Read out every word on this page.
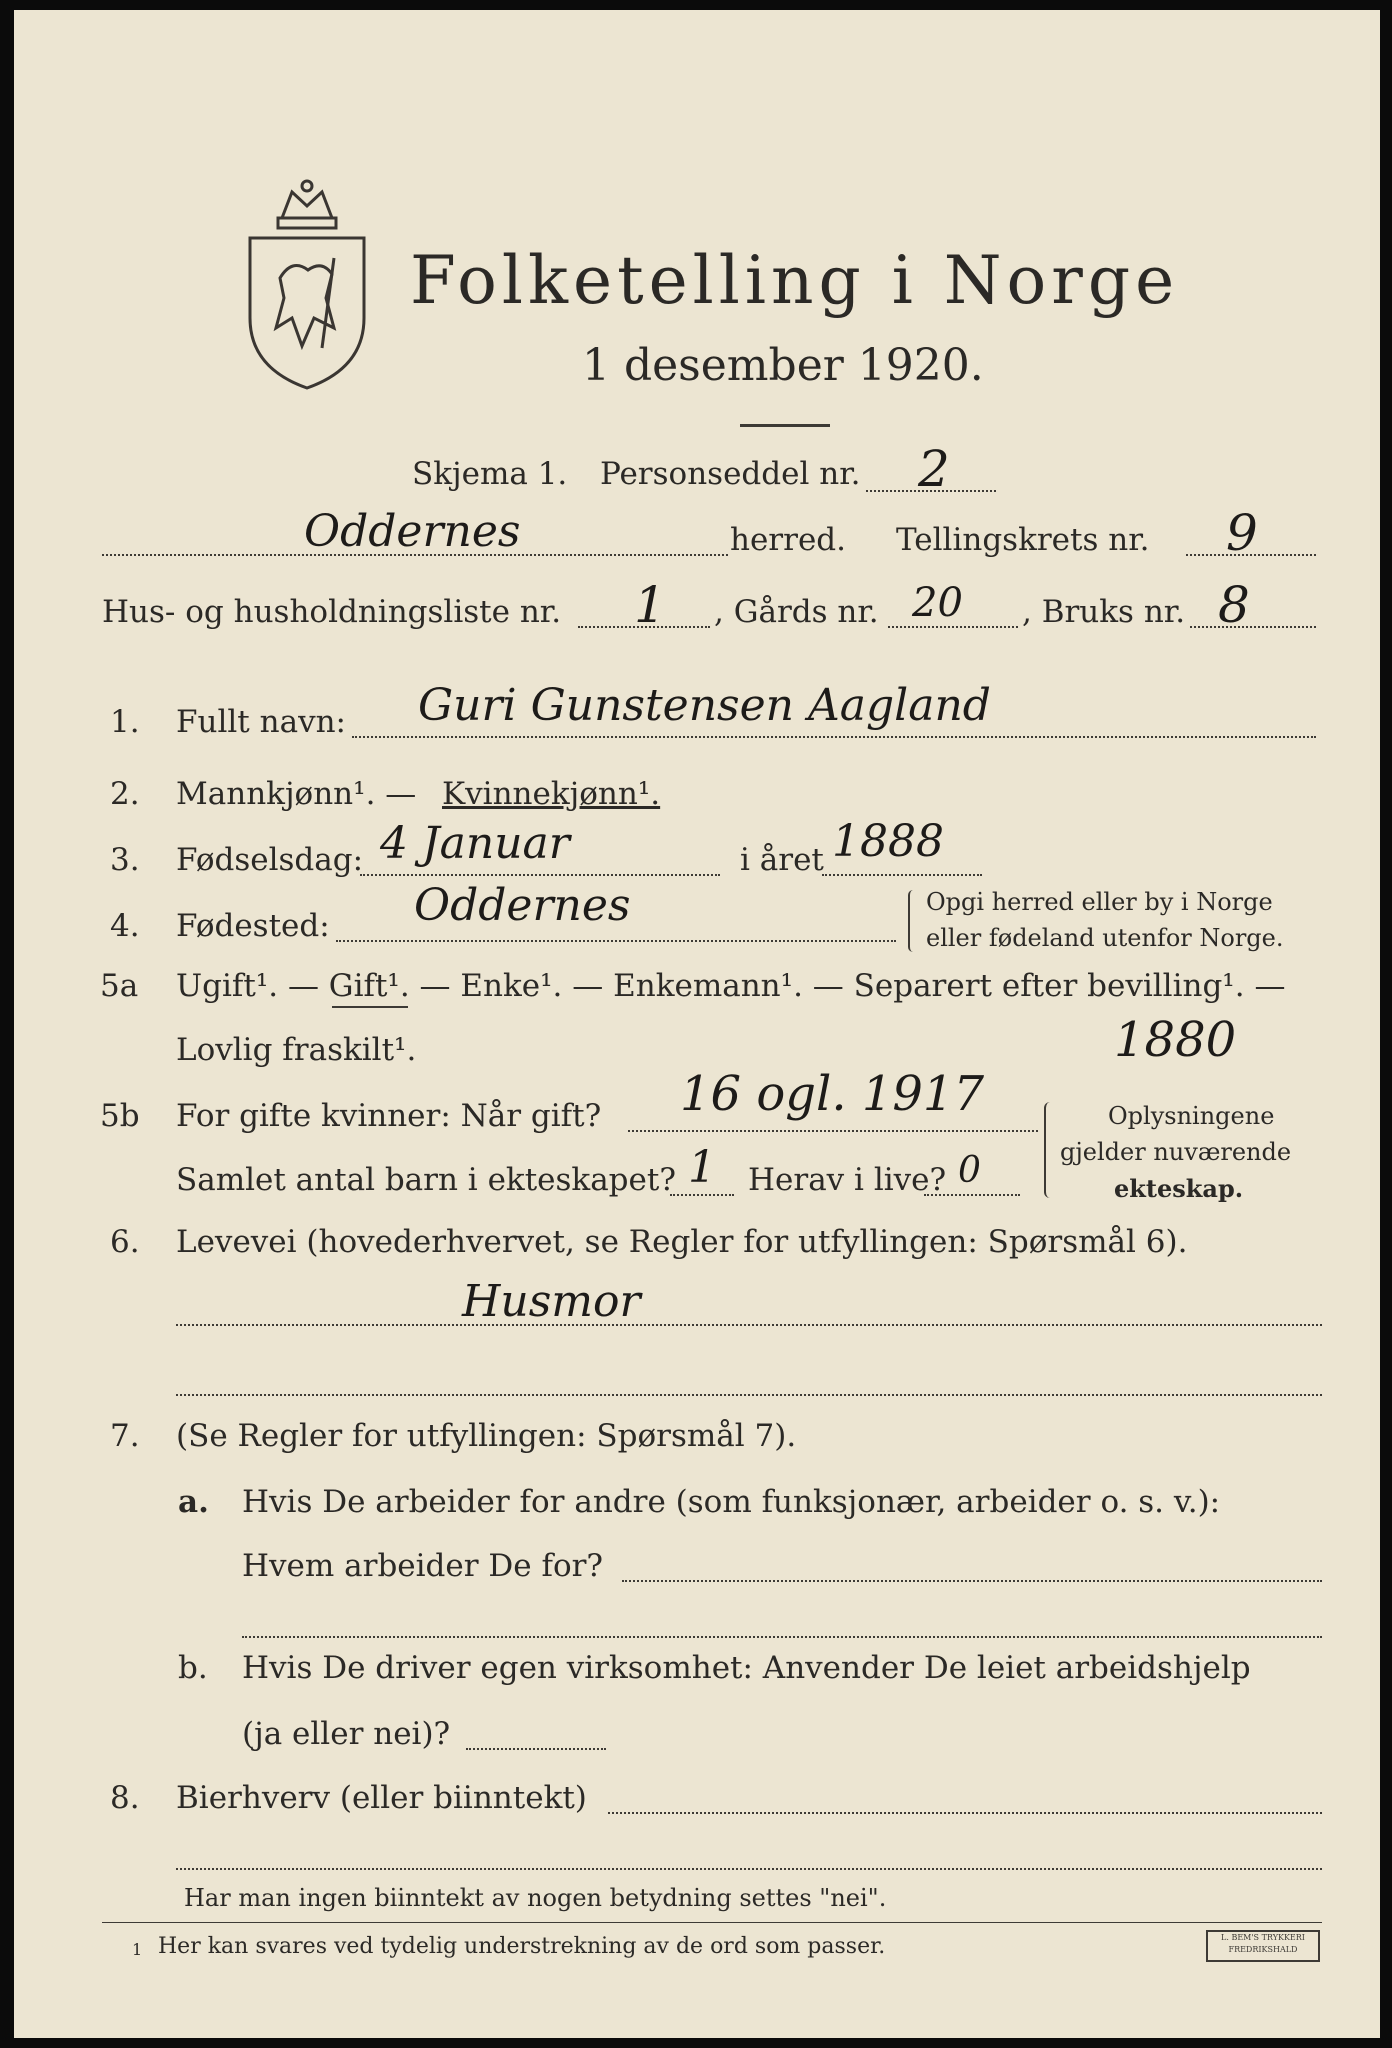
Folketelling i Norge
1 desember 1920.
Skjema 1. Personseddel nr. 2
Oddernes	herred. Tellingskrets nr. 9
Hus- og husholdningsliste nr. 1 , Gårds nr. 20 , Bruks nr. 8
1. Fullt navn: Guri Gunstensen Aagland
2. Mannkjønn¹. — Kvinnekjønn¹.
3. Fødselsdag: 4 Januar	i året 1888
4. Fødested: Oddernes	Opgi herred eller by i Norge
eller fødeland utenfor Norge.
5a Ugift¹. — Gift¹. — Enke¹. — Enkemann¹. — Separert efter bevilling¹. —
Lovlig fraskilt¹.	1880
5b For gifte kvinner: Når gift? 16 ogl. 1917
Samlet antal barn i ekteskapet? 1 Herav i live? 0
Oplysningene
gjelder nuværende
ekteskap.
6. Levevei (hovederhvervet, se Regler for utfyllingen: Spørsmål 6).
Husmor
7. (Se Regler for utfyllingen: Spørsmål 7).
a. Hvis De arbeider for andre (som funksjonær, arbeider o. s. v.):
Hvem arbeider De for?
b. Hvis De driver egen virksomhet: Anvender De leiet arbeidshjelp
(ja eller nei)?
8. Bierhverv (eller biinntekt)
Har man ingen biinntekt av nogen betydning settes "nei".
1 Her kan svares ved tydelig understrekning av de ord som passer.	L. BEM'S TRYKKERI
FREDRIKSHALD
